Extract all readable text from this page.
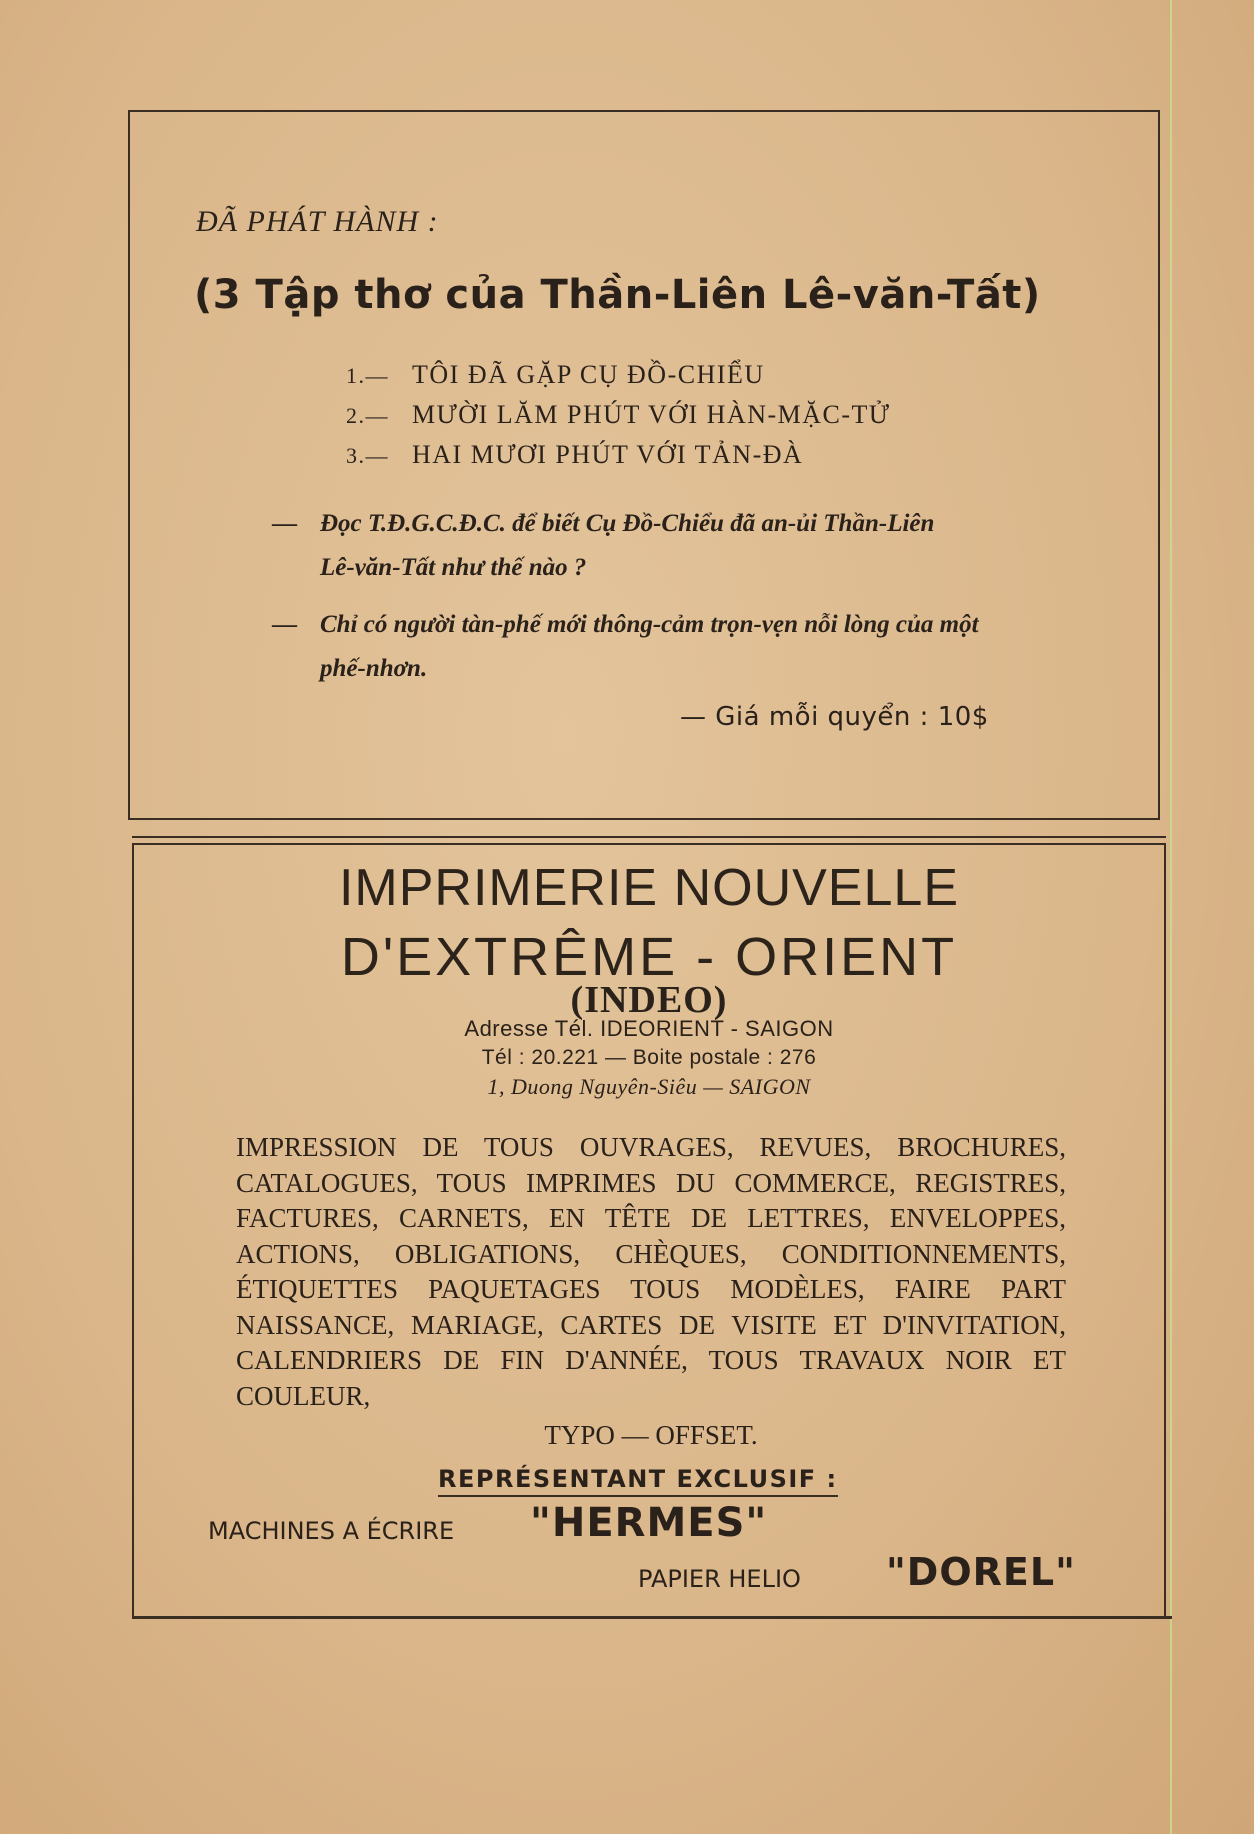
ĐÃ PHÁT HÀNH :
(3 Tập thơ của Thần-Liên Lê-văn-Tất)
1.— TÔI ĐÃ GẶP CỤ ĐỒ-CHIỂU
2.— MƯỜI LĂM PHÚT VỚI HÀN-MẶC-TỬ
3.— HAI MƯƠI PHÚT VỚI TẢN-ĐÀ
— Đọc T.Đ.G.C.Đ.C. để biết Cụ Đồ-Chiểu đã an-ủi Thần-Liên
Lê-văn-Tất như thế nào ?
— Chỉ có người tàn-phế mới thông-cảm trọn-vẹn nỗi lòng của một
phế-nhơn.
— Giá mỗi quyển : 10$
IMPRIMERIE NOUVELLE
D'EXTRÊME - ORIENT
(INDEO)
Adresse Tél. IDEORIENT - SAIGON
Tél : 20.221 — Boite postale : 276
1, Duong Nguyên-Siêu — SAIGON
IMPRESSION DE TOUS OUVRAGES, REVUES, BROCHURES, CATALOGUES, TOUS IMPRIMES DU COMMERCE, REGISTRES, FACTURES, CARNETS, EN TÊTE DE LETTRES, ENVELOPPES, ACTIONS, OBLIGATIONS, CHÈQUES, CONDITIONNEMENTS, ÉTIQUETTES PAQUETAGES TOUS MODÈLES, FAIRE PART NAISSANCE, MARIAGE, CARTES DE VISITE ET D'INVITATION, CALENDRIERS DE FIN D'ANNÉE, TOUS TRAVAUX NOIR ET COULEUR,
TYPO — OFFSET.
REPRÉSENTANT EXCLUSIF :
MACHINES A ÉCRIRE "HERMES"
PAPIER HELIO "DOREL"
